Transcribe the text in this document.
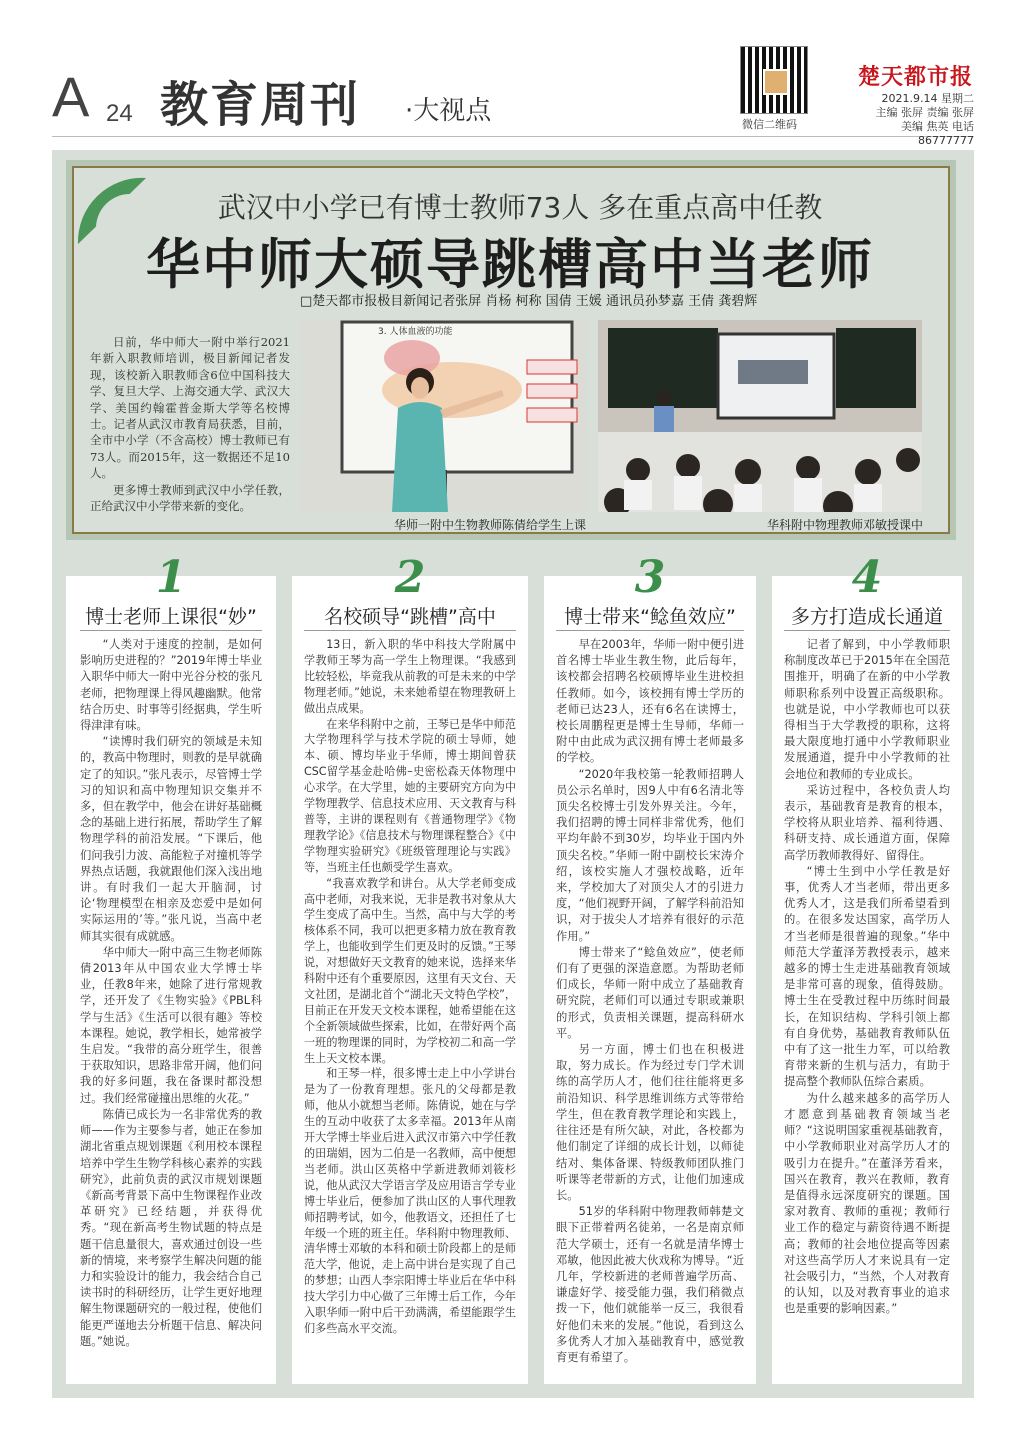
A 24 教育周刊 ·大视点	微信二维码
楚天都市报
2021.9.14 星期二
主编 张屏 责编 张屏
美编 焦英 电话 86777777
武汉中小学已有博士教师73人 多在重点高中任教
华中师大硕导跳槽高中当老师
□楚天都市报极目新闻记者张屏 肖杨 柯称 国倩 王媛 通讯员孙梦嘉 王倩 龚碧辉

日前，华中师大一附中举行2021年新入职教师培训，极目新闻记者发现，该校新入职教师含6位中国科技大学、复旦大学、上海交通大学、武汉大学、美国约翰霍普金斯大学等名校博士。记者从武汉市教育局获悉，目前，全市中小学（不含高校）博士教师已有73人。而2015年，这一数据还不足10人。

更多博士教师到武汉中小学任教，正给武汉中小学带来新的变化。

3. 人体血液的功能
华师一附中生物教师陈倩给学生上课	华科附中物理教师邓敏授课中
1
博士老师上课很“妙”

“人类对于速度的控制，是如何影响历史进程的？”2019年博士毕业入职华中师大一附中光谷分校的张凡老师，把物理课上得风趣幽默。他常结合历史、时事等引经据典，学生听得津津有味。

“读博时我们研究的领域是未知的，教高中物理时，则教的是早就确定了的知识。”张凡表示，尽管博士学习的知识和高中物理知识交集并不多，但在教学中，他会在讲好基础概念的基础上进行拓展，帮助学生了解物理学科的前沿发展。“下课后，他们问我引力波、高能粒子对撞机等学界热点话题，我就跟他们深入浅出地讲。有时我们一起大开脑洞，讨论‘物理模型在相亲及恋爱中是如何实际运用的’等。”张凡说，当高中老师其实很有成就感。

华中师大一附中高三生物老师陈倩2013年从中国农业大学博士毕业，任教8年来，她除了进行常规教学，还开发了《生物实验》《PBL科学与生活》《生活可以很有趣》等校本课程。她说，教学相长，她常被学生启发。“我带的高分班学生，很善于获取知识，思路非常开阔，他们问我的好多问题，我在备课时都没想过。我们经常碰撞出思维的火花。”

陈倩已成长为一名非常优秀的教师——作为主要参与者，她正在参加湖北省重点规划课题《利用校本课程培养中学生生物学科核心素养的实践研究》，此前负责的武汉市规划课题《新高考背景下高中生物课程作业改革研究》已经结题，并获得优秀。“现在新高考生物试题的特点是题干信息量很大，喜欢通过创设一些新的情境，来考察学生解决问题的能力和实验设计的能力，我会结合自己读书时的科研经历，让学生更好地理解生物课题研究的一般过程，使他们能更严谨地去分析题干信息、解决问题。”她说。

2
名校硕导“跳槽”高中

13日，新入职的华中科技大学附属中学教师王琴为高一学生上物理课。“我感到比较轻松，毕竟我从前教的可是未来的中学物理老师。”她说，未来她希望在物理教研上做出点成果。

在来华科附中之前，王琴已是华中师范大学物理科学与技术学院的硕士导师，她本、硕、博均毕业于华师，博士期间曾获CSC留学基金赴哈佛–史密松森天体物理中心求学。在大学里，她的主要研究方向为中学物理教学、信息技术应用、天文教育与科普等，主讲的课程则有《普通物理学》《物理教学论》《信息技术与物理课程整合》《中学物理实验研究》《班级管理理论与实践》等，当班主任也颇受学生喜欢。

“我喜欢教学和讲台。从大学老师变成高中老师，对我来说，无非是教书对象从大学生变成了高中生。当然，高中与大学的考核体系不同，我可以把更多精力放在教育教学上，也能收到学生们更及时的反馈。”王琴说，对想做好天文教育的她来说，选择来华科附中还有个重要原因，这里有天文台、天文社团，是湖北首个“湖北天文特色学校”，目前正在开发天文校本课程，她希望能在这个全新领域做些探索，比如，在带好两个高一班的物理课的同时，为学校初二和高一学生上天文校本课。

和王琴一样，很多博士走上中小学讲台是为了一份教育理想。张凡的父母都是教师，他从小就想当老师。陈倩说，她在与学生的互动中收获了太多幸福。2013年从南开大学博士毕业后进入武汉市第六中学任教的田瑞娟，因为二伯是一名教师，高中便想当老师。洪山区英格中学新进教师刘筱杉说，他从武汉大学语言学及应用语言学专业博士毕业后，便参加了洪山区的人事代理教师招聘考试，如今，他教语文，还担任了七年级一个班的班主任。华科附中物理教师、清华博士邓敏的本科和硕士阶段都上的是师范大学，他说，走上高中讲台是实现了自己的梦想；山西人李宗阳博士毕业后在华中科技大学引力中心做了三年博士后工作，今年入职华师一附中后干劲满满，希望能跟学生们多些高水平交流。

3
博士带来“鲶鱼效应”

早在2003年，华师一附中便引进首名博士毕业生教生物，此后每年，该校都会招聘名校硕博毕业生进校担任教师。如今，该校拥有博士学历的老师已达23人，还有6名在读博士，校长周鹏程更是博士生导师，华师一附中由此成为武汉拥有博士老师最多的学校。

“2020年我校第一轮教师招聘人员公示名单时，因9人中有6名清北等顶尖名校博士引发外界关注。今年，我们招聘的博士同样非常优秀，他们平均年龄不到30岁，均毕业于国内外顶尖名校。”华师一附中副校长宋涛介绍，该校实施人才强校战略，近年来，学校加大了对顶尖人才的引进力度，“他们视野开阔，了解学科前沿知识，对于拔尖人才培养有很好的示范作用。”

博士带来了“鲶鱼效应”，使老师们有了更强的深造意愿。为帮助老师们成长，华师一附中成立了基础教育研究院，老师们可以通过专职或兼职的形式，负责相关课题，提高科研水平。

另一方面，博士们也在积极进取，努力成长。作为经过专门学术训练的高学历人才，他们往往能将更多前沿知识、科学思维训练方式等带给学生，但在教育教学理论和实践上，往往还是有所欠缺，对此，各校都为他们制定了详细的成长计划，以师徒结对、集体备课、特级教师团队推门听课等老带新的方式，让他们加速成长。

51岁的华科附中物理教师韩楚文眼下正带着两名徒弟，一名是南京师范大学硕士，还有一名就是清华博士邓敏，他因此被大伙戏称为博导。“近几年，学校新进的老师普遍学历高、谦虚好学、接受能力强，我们稍微点拨一下，他们就能举一反三，我很看好他们未来的发展。”他说，看到这么多优秀人才加入基础教育中，感觉教育更有希望了。

4
多方打造成长通道

记者了解到，中小学教师职称制度改革已于2015年在全国范围推开，明确了在新的中小学教师职称系列中设置正高级职称。也就是说，中小学教师也可以获得相当于大学教授的职称，这将最大限度地打通中小学教师职业发展通道，提升中小学教师的社会地位和教师的专业成长。

采访过程中，各校负责人均表示，基础教育是教育的根本，学校将从职业培养、福利待遇、科研支持、成长通道方面，保障高学历教师教得好、留得住。

“博士生到中小学任教是好事，优秀人才当老师，带出更多优秀人才，这是我们所希望看到的。在很多发达国家，高学历人才当老师是很普遍的现象。”华中师范大学董泽芳教授表示，越来越多的博士生走进基础教育领域是非常可喜的现象，值得鼓励。博士生在受教过程中历练时间最长，在知识结构、学科引领上都有自身优势，基础教育教师队伍中有了这一批生力军，可以给教育带来新的生机与活力，有助于提高整个教师队伍综合素质。

为什么越来越多的高学历人才愿意到基础教育领域当老师？“这说明国家重视基础教育，中小学教师职业对高学历人才的吸引力在提升。”在董泽芳看来，国兴在教育，教兴在教师，教育是值得永远深度研究的课题。国家对教育、教师的重视；教师行业工作的稳定与薪资待遇不断提高；教师的社会地位提高等因素对这些高学历人才来说具有一定社会吸引力，“当然，个人对教育的认知，以及对教育事业的追求也是重要的影响因素。”
